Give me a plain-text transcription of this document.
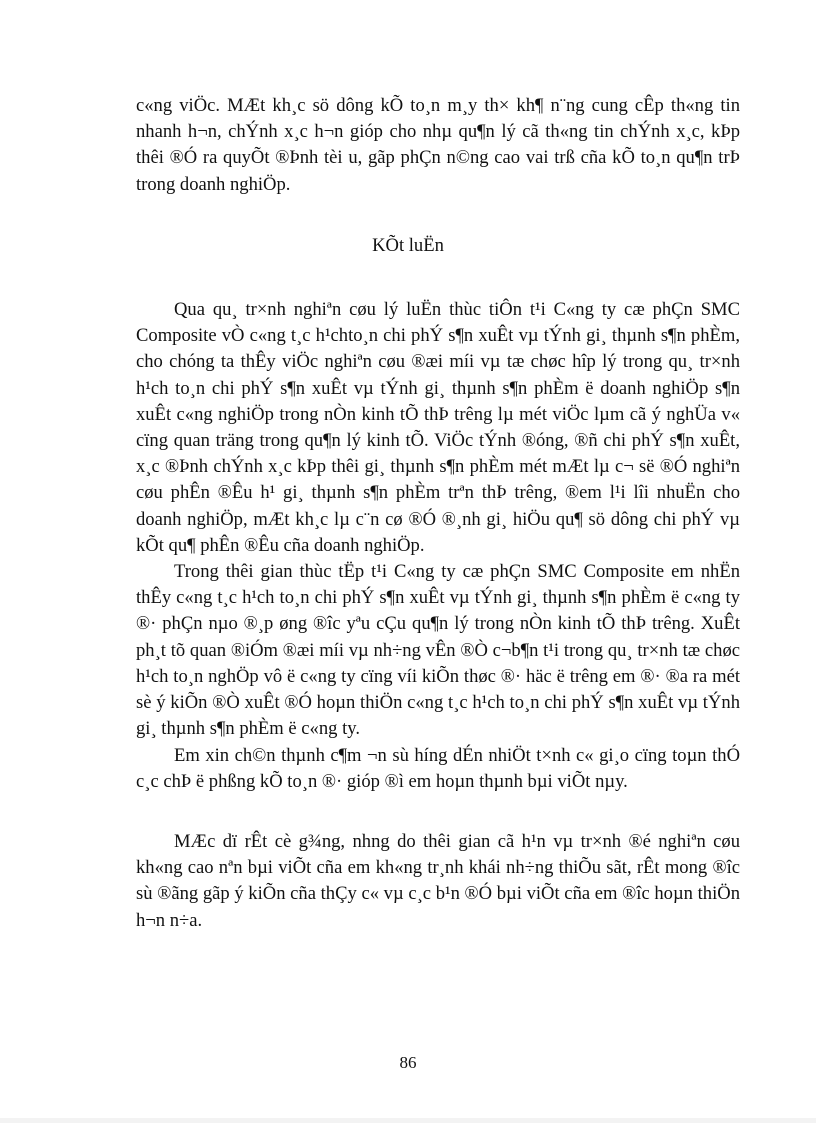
c«ng viÖc. MÆt kh¸c sö dông kÕ to¸n m¸y th× kh¶ n¨ng cung cÊp th«ng tin nhanh h¬n, chÝnh x¸c h¬n gióp cho nhµ qu¶n lý cã th«ng tin chÝnh x¸c, kÞp thêi ®Ó ra quyÕt ®Þnh tèi u, gãp phÇn n©ng cao vai trß cña kÕ to¸n qu¶n trÞ trong doanh nghiÖp.

KÕt luËn

Qua qu¸ tr×nh nghiªn cøu lý luËn thùc tiÔn t¹i C«ng ty cæ phÇn SMC Composite vÒ c«ng t¸c h¹chto¸n chi phÝ s¶n xuÊt vµ tÝnh gi¸ thµnh s¶n phÈm, cho chóng ta thÊy viÖc nghiªn cøu ®æi míi vµ tæ chøc hîp lý trong qu¸ tr×nh h¹ch to¸n chi phÝ s¶n xuÊt vµ tÝnh gi¸ thµnh s¶n phÈm ë doanh nghiÖp s¶n xuÊt c«ng nghiÖp trong nÒn kinh tÕ thÞ trêng lµ mét viÖc lµm cã ý nghÜa v« cïng quan träng trong qu¶n lý kinh tÕ. ViÖc tÝnh ®óng, ®ñ chi phÝ s¶n xuÊt, x¸c ®Þnh chÝnh x¸c kÞp thêi gi¸ thµnh s¶n phÈm mét mÆt lµ c¬ së ®Ó nghiªn cøu phÊn ®Êu h¹ gi¸ thµnh s¶n phÈm trªn thÞ trêng, ®em l¹i lîi nhuËn cho doanh nghiÖp, mÆt kh¸c lµ c¨n cø ®Ó ®¸nh gi¸ hiÖu qu¶ sö dông chi phÝ vµ kÕt qu¶ phÊn ®Êu cña doanh nghiÖp.

Trong thêi gian thùc tËp t¹i C«ng ty cæ phÇn SMC Composite em nhËn thÊy c«ng t¸c h¹ch to¸n chi phÝ s¶n xuÊt vµ tÝnh gi¸ thµnh s¶n phÈm ë c«ng ty ®· phÇn nµo ®¸p øng ®îc yªu cÇu qu¶n lý trong nÒn kinh tÕ thÞ trêng. XuÊt ph¸t tõ quan ®iÓm ®æi míi vµ nh÷ng vÊn ®Ò c¬b¶n t¹i trong qu¸ tr×nh tæ chøc h¹ch to¸n nghÖp vô ë c«ng ty cïng víi kiÕn thøc ®· häc ë trêng em ®· ®a ra mét sè ý kiÕn ®Ò xuÊt ®Ó hoµn thiÖn c«ng t¸c h¹ch to¸n chi phÝ s¶n xuÊt vµ tÝnh gi¸ thµnh s¶n phÈm ë c«ng ty.

Em xin ch©n thµnh c¶m ¬n sù híng dÉn nhiÖt t×nh c« gi¸o cïng toµn thÓ c¸c chÞ ë phßng kÕ to¸n ®· gióp ®ì em hoµn thµnh bµi viÕt nµy.

MÆc dï rÊt cè g¾ng, nhng do thêi gian cã h¹n vµ tr×nh ®é nghiªn cøu kh«ng cao nªn bµi viÕt cña em kh«ng tr¸nh khái nh÷ng thiÕu sãt, rÊt mong ®îc sù ®ãng gãp ý kiÕn cña thÇy c« vµ c¸c b¹n ®Ó bµi viÕt cña em ®îc hoµn thiÖn h¬n n÷a.

86
